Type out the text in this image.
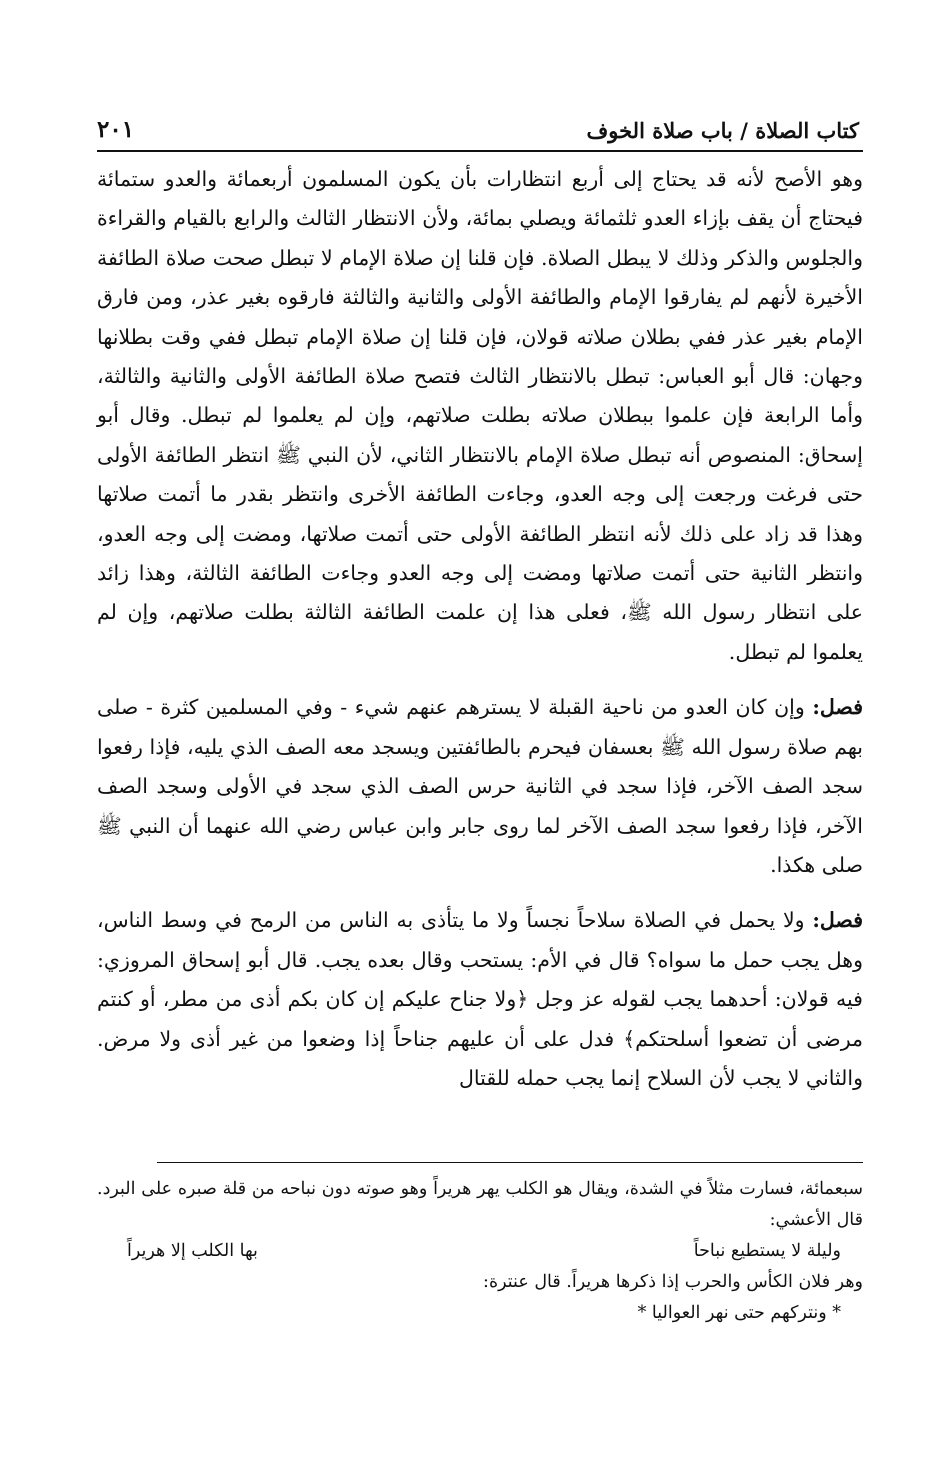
كتاب الصلاة / باب صلاة الخوف
٢٠١

وهو الأصح لأنه قد يحتاج إلى أربع انتظارات بأن يكون المسلمون أربعمائة والعدو ستمائة فيحتاج أن يقف بإزاء العدو ثلثمائة ويصلي بمائة، ولأن الانتظار الثالث والرابع بالقيام والقراءة والجلوس والذكر وذلك لا يبطل الصلاة. فإن قلنا إن صلاة الإمام لا تبطل صحت صلاة الطائفة الأخيرة لأنهم لم يفارقوا الإمام والطائفة الأولى والثانية والثالثة فارقوه بغير عذر، ومن فارق الإمام بغير عذر ففي بطلان صلاته قولان، فإن قلنا إن صلاة الإمام تبطل ففي وقت بطلانها وجهان: قال أبو العباس: تبطل بالانتظار الثالث فتصح صلاة الطائفة الأولى والثانية والثالثة، وأما الرابعة فإن علموا ببطلان صلاته بطلت صلاتهم، وإن لم يعلموا لم تبطل. وقال أبو إسحاق: المنصوص أنه تبطل صلاة الإمام بالانتظار الثاني، لأن النبي ﷺ انتظر الطائفة الأولى حتى فرغت ورجعت إلى وجه العدو، وجاءت الطائفة الأخرى وانتظر بقدر ما أتمت صلاتها وهذا قد زاد على ذلك لأنه انتظر الطائفة الأولى حتى أتمت صلاتها، ومضت إلى وجه العدو، وانتظر الثانية حتى أتمت صلاتها ومضت إلى وجه العدو وجاءت الطائفة الثالثة، وهذا زائد على انتظار رسول الله ﷺ، فعلى هذا إن علمت الطائفة الثالثة بطلت صلاتهم، وإن لم يعلموا لم تبطل.

فصل: وإن كان العدو من ناحية القبلة لا يسترهم عنهم شيء - وفي المسلمين كثرة - صلى بهم صلاة رسول الله ﷺ بعسفان فيحرم بالطائفتين ويسجد معه الصف الذي يليه، فإذا رفعوا سجد الصف الآخر، فإذا سجد في الثانية حرس الصف الذي سجد في الأولى وسجد الصف الآخر، فإذا رفعوا سجد الصف الآخر لما روى جابر وابن عباس رضي الله عنهما أن النبي ﷺ صلى هكذا.

فصل: ولا يحمل في الصلاة سلاحاً نجساً ولا ما يتأذى به الناس من الرمح في وسط الناس، وهل يجب حمل ما سواه؟ قال في الأم: يستحب وقال بعده يجب. قال أبو إسحاق المروزي: فيه قولان: أحدهما يجب لقوله عز وجل ﴿ولا جناح عليكم إن كان بكم أذى من مطر، أو كنتم مرضى أن تضعوا أسلحتكم﴾ فدل على أن عليهم جناحاً إذا وضعوا من غير أذى ولا مرض. والثاني لا يجب لأن السلاح إنما يجب حمله للقتال

سبعمائة، فسارت مثلاً في الشدة، ويقال هو الكلب يهر هريراً وهو صوته دون نباحه من قلة صبره على البرد. قال الأعشي:

وليلة لا يستطيع نباحاً
بها الكلب إلا هريراً

وهر فلان الكأس والحرب إذا ذكرها هريراً. قال عنترة:

* ونتركهم حتى نهر العواليا *
